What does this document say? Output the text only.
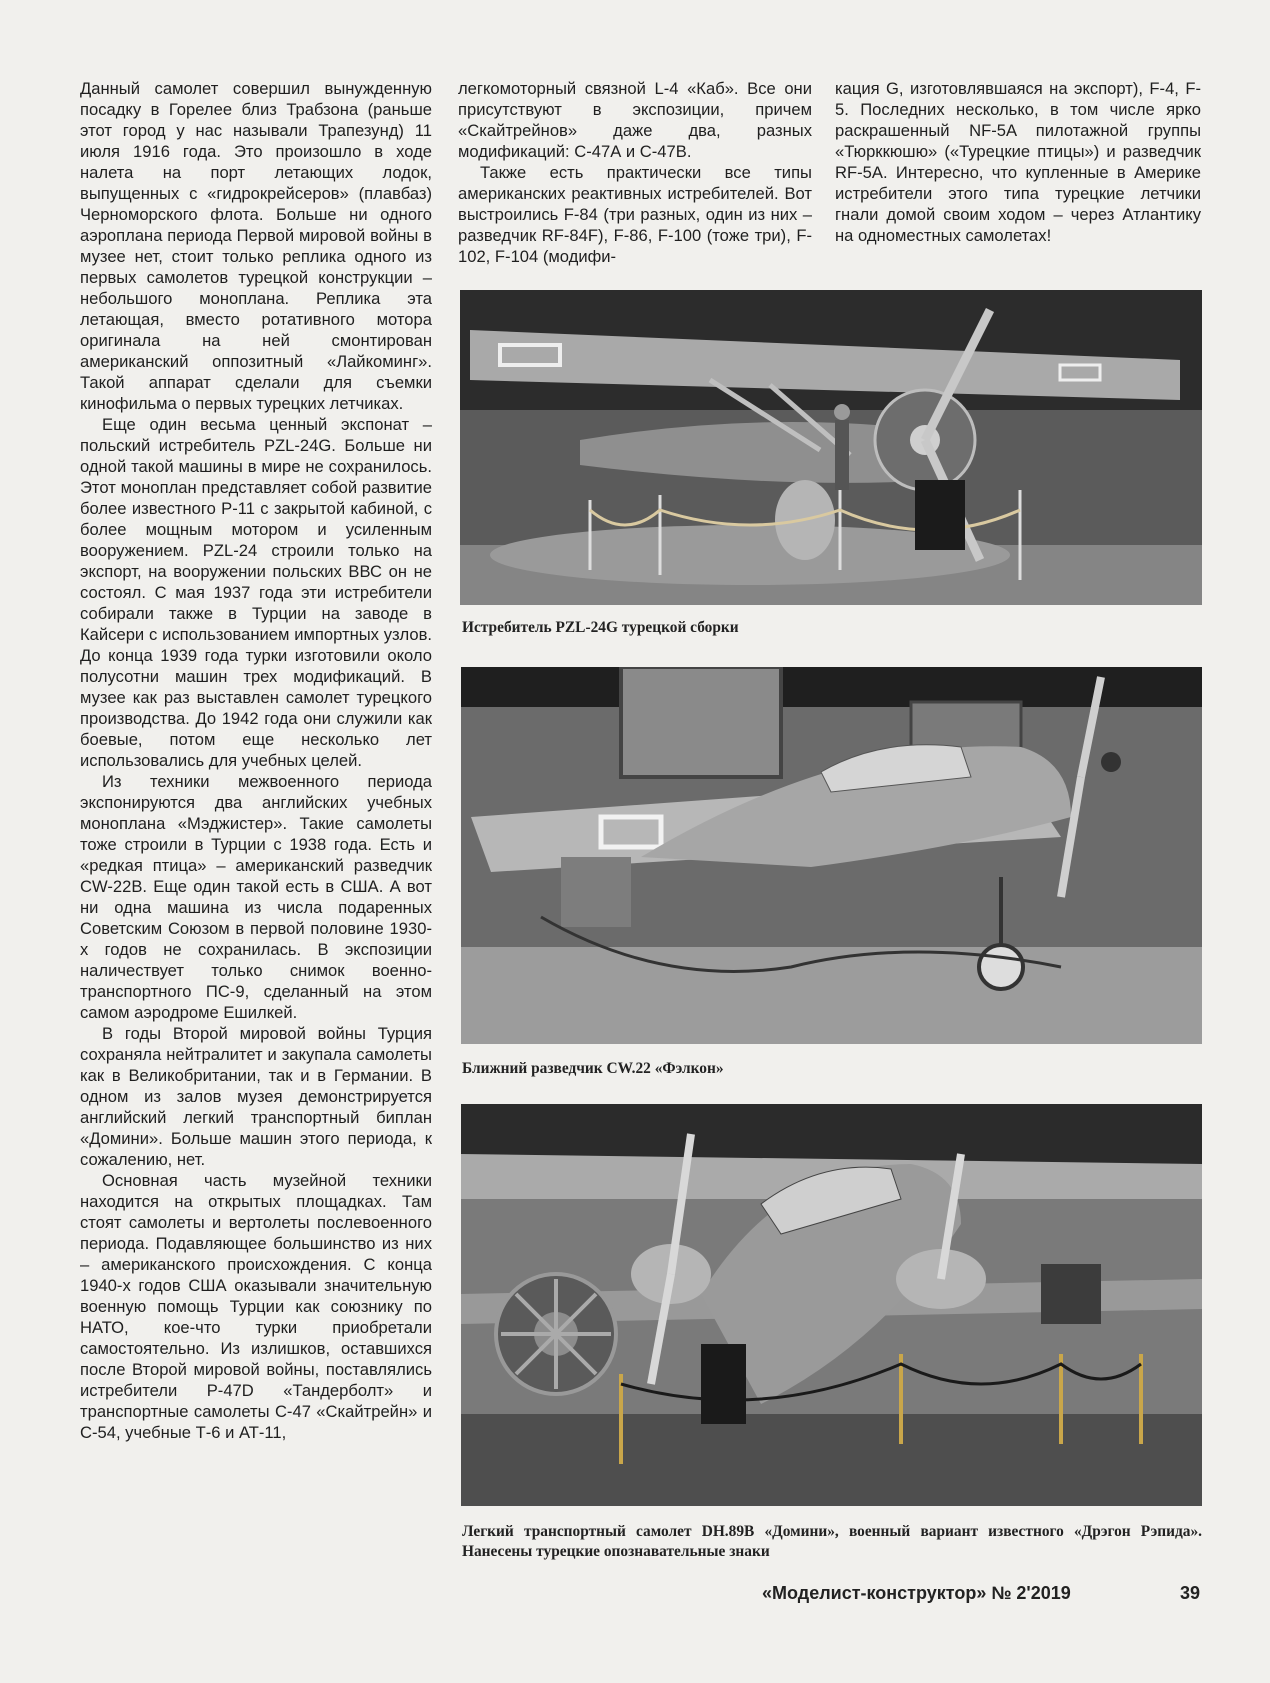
Данный самолет совершил вынужденную посадку в Горелее близ Трабзона (раньше этот город у нас называли Трапезунд) 11 июля 1916 года. Это произошло в ходе налета на порт летающих лодок, выпущенных с «гидрокрейсеров» (плавбаз) Черноморского флота. Больше ни одного аэроплана периода Первой мировой войны в музее нет, стоит только реплика одного из первых самолетов турецкой конструкции – небольшого моноплана. Реплика эта летающая, вместо ротативного мотора оригинала на ней смонтирован американский оппозитный «Лайкоминг». Такой аппарат сделали для съемки кинофильма о первых турецких летчиках.

Еще один весьма ценный экспонат – польский истребитель PZL-24G. Больше ни одной такой машины в мире не сохранилось. Этот моноплан представляет собой развитие более известного Р-11 с закрытой кабиной, с более мощным мотором и усиленным вооружением. PZL-24 строили только на экспорт, на вооружении польских ВВС он не состоял. С мая 1937 года эти истребители собирали также в Турции на заводе в Кайсери с использованием импортных узлов. До конца 1939 года турки изготовили около полусотни машин трех модификаций. В музее как раз выставлен самолет турецкого производства. До 1942 года они служили как боевые, потом еще несколько лет использовались для учебных целей.

Из техники межвоенного периода экспонируются два английских учебных моноплана «Мэджистер». Такие самолеты тоже строили в Турции с 1938 года. Есть и «редкая птица» – американский разведчик CW-22B. Еще один такой есть в США. А вот ни одна машина из числа подаренных Советским Союзом в первой половине 1930-х годов не сохранилась. В экспозиции наличествует только снимок военно-транспортного ПС-9, сделанный на этом самом аэродроме Ешилкей.

В годы Второй мировой войны Турция сохраняла нейтралитет и закупала самолеты как в Великобритании, так и в Германии. В одном из залов музея демонстрируется английский легкий транспортный биплан «Домини». Больше машин этого периода, к сожалению, нет.

Основная часть музейной техники находится на открытых площадках. Там стоят самолеты и вертолеты послевоенного периода. Подавляющее большинство из них – американского происхождения. С конца 1940-х годов США оказывали значительную военную помощь Турции как союзнику по НАТО, кое-что турки приобретали самостоятельно. Из излишков, оставшихся после Второй мировой войны, поставлялись истребители Р-47D «Тандерболт» и транспортные самолеты С-47 «Скайтрейн» и С-54, учебные Т-6 и АТ-11,

легкомоторный связной L-4 «Каб». Все они присутствуют в экспозиции, причем «Скайтрейнов» даже два, разных модификаций: С-47А и С-47В.

Также есть практически все типы американских реактивных истребителей. Вот выстроились F-84 (три разных, один из них – разведчик RF-84F), F-86, F-100 (тоже три), F-102, F-104 (модифи-

кация G, изготовлявшаяся на экспорт), F-4, F-5. Последних несколько, в том числе ярко раскрашенный NF-5A пилотажной группы «Тюрккюшю» («Турецкие птицы») и разведчик RF-5A. Интересно, что купленные в Америке истребители этого типа турецкие летчики гнали домой своим ходом – через Атлантику на одноместных самолетах!

Истребитель PZL-24G турецкой сборки
Ближний разведчик CW.22 «Фэлкон»
Легкий транспортный самолет DH.89B «Домини», военный вариант известного «Дрэгон Рэпида». Нанесены турецкие опознавательные знаки
«Моделист-конструктор» № 2'2019	39
